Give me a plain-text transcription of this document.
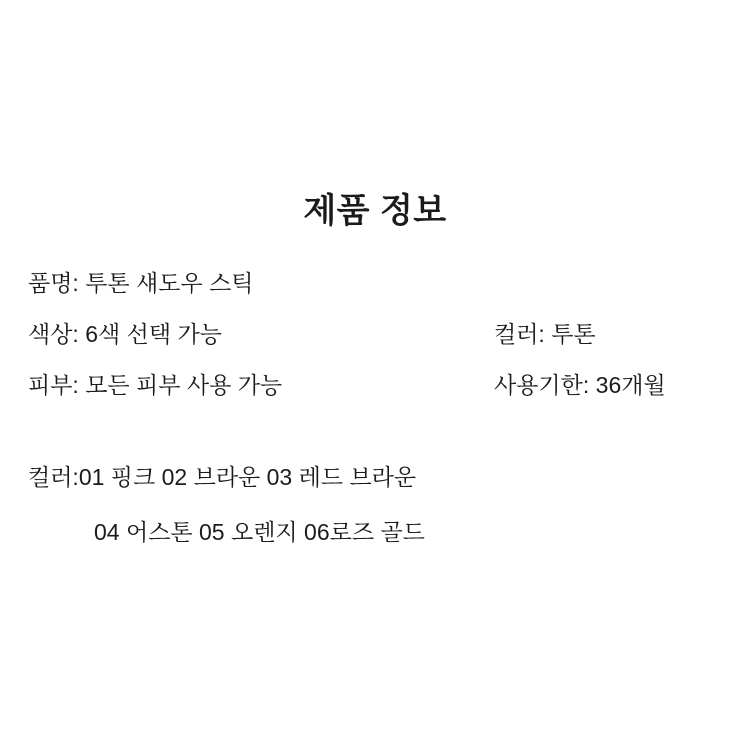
제품 정보
품명: 투톤 섀도우 스틱
색상: 6색 선택 가능	컬러: 투톤
피부: 모든 피부 사용 가능	사용기한: 36개월
컬러:01 핑크 02 브라운 03 레드 브라운
04 어스톤 05 오렌지 06로즈 골드
